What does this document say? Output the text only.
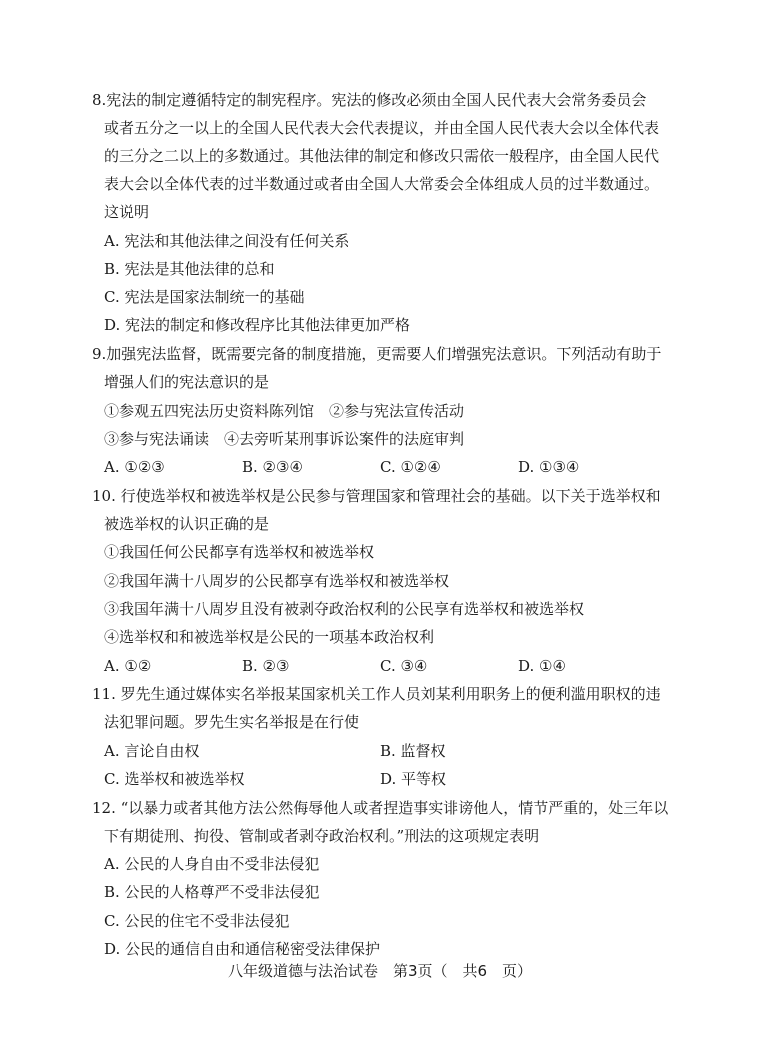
8.宪法的制定遵循特定的制宪程序。宪法的修改必须由全国人民代表大会常务委员会
或者五分之一以上的全国人民代表大会代表提议，并由全国人民代表大会以全体代表
的三分之二以上的多数通过。其他法律的制定和修改只需依一般程序，由全国人民代
表大会以全体代表的过半数通过或者由全国人大常委会全体组成人员的过半数通过。
这说明
A. 宪法和其他法律之间没有任何关系
B. 宪法是其他法律的总和
C. 宪法是国家法制统一的基础
D. 宪法的制定和修改程序比其他法律更加严格
9.加强宪法监督，既需要完备的制度措施，更需要人们增强宪法意识。下列活动有助于
增强人们的宪法意识的是
①参观五四宪法历史资料陈列馆　②参与宪法宣传活动
③参与宪法诵读　④去旁听某刑事诉讼案件的法庭审判
A. ①②③	B. ②③④	C. ①②④	D. ①③④
10. 行使选举权和被选举权是公民参与管理国家和管理社会的基础。以下关于选举权和
被选举权的认识正确的是
①我国任何公民都享有选举权和被选举权
②我国年满十八周岁的公民都享有选举权和被选举权
③我国年满十八周岁且没有被剥夺政治权利的公民享有选举权和被选举权
④选举权和和被选举权是公民的一项基本政治权利
A. ①②	B. ②③	C. ③④	D. ①④
11. 罗先生通过媒体实名举报某国家机关工作人员刘某利用职务上的便利滥用职权的违
法犯罪问题。罗先生实名举报是在行使
A. 言论自由权	B. 监督权
C. 选举权和被选举权	D. 平等权
12. “以暴力或者其他方法公然侮辱他人或者捏造事实诽谤他人，情节严重的，处三年以
下有期徒刑、拘役、管制或者剥夺政治权利。”刑法的这项规定表明
A. 公民的人身自由不受非法侵犯
B. 公民的人格尊严不受非法侵犯
C. 公民的住宅不受非法侵犯
D. 公民的通信自由和通信秘密受法律保护
八年级道德与法治试卷　第3页（　共6　页）
